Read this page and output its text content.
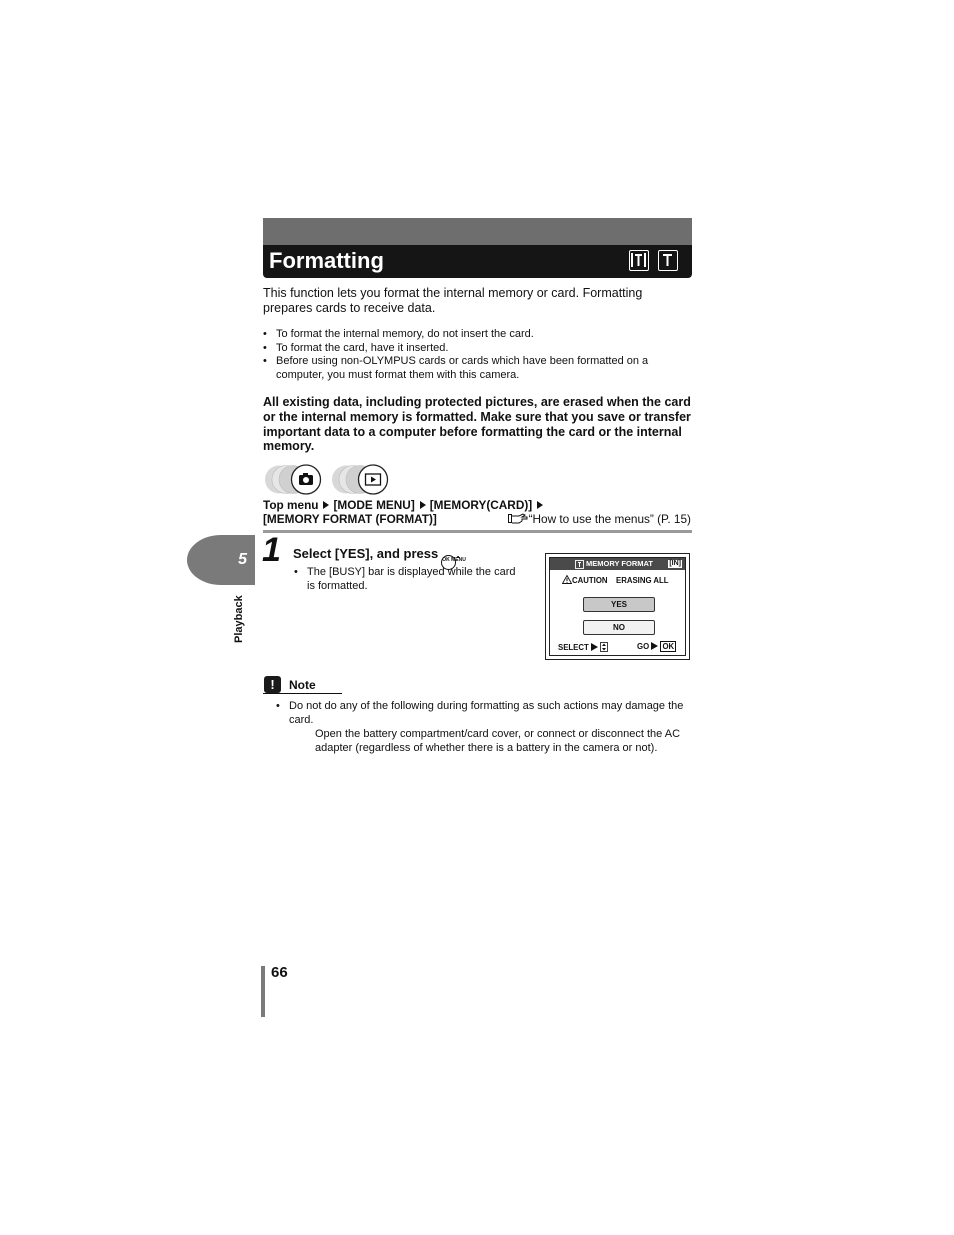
Formatting
This function lets you format the internal memory or card. Formatting prepares cards to receive data.
• To format the internal memory, do not insert the card.
• To format the card, have it inserted.
• Before using non-OLYMPUS cards or cards which have been formatted on a computer, you must format them with this camera.
All existing data, including protected pictures, are erased when the card or the internal memory is formatted. Make sure that you save or transfer important data to a computer before formatting the card or the internal memory.
Top menu [MODE MENU] [MEMORY(CARD)]
[MEMORY FORMAT (FORMAT)]	“How to use the menus” (P. 15)
1 Select [YES], and press OK MENU.
• The [BUSY] bar is displayed while the card is formatted.
MEMORY FORMAT [IN]
CAUTION ERASING ALL
YES
NO
SELECT	GO OK
5
Playback
!	Note
• Do not do any of the following during formatting as such actions may damage the card.
Open the battery compartment/card cover, or connect or disconnect the AC adapter (regardless of whether there is a battery in the camera or not).
66
